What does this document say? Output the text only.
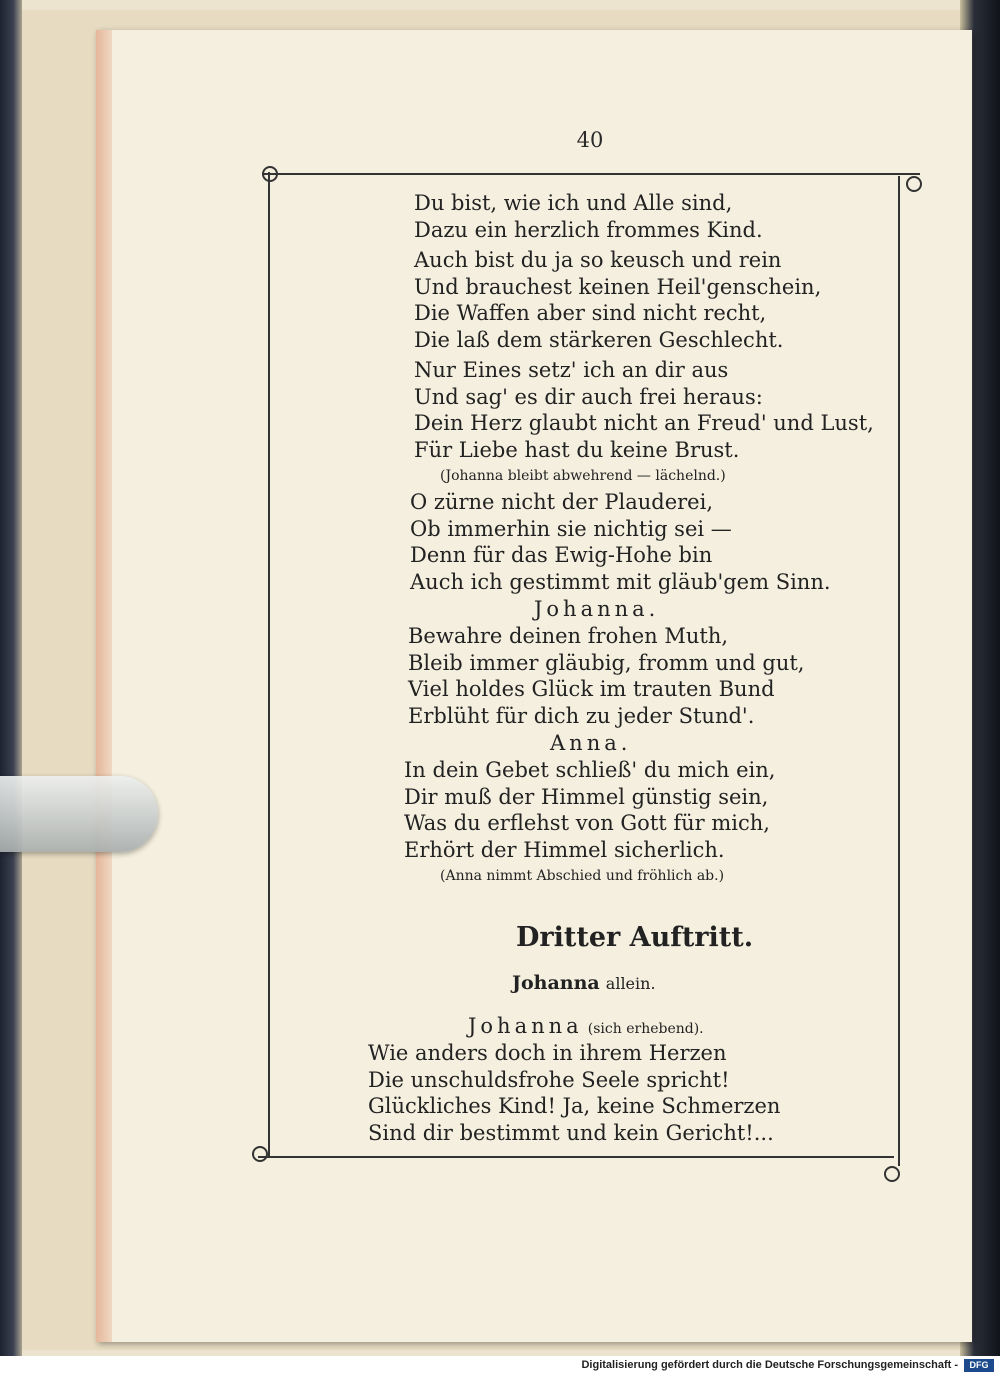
40
Du bist, wie ich und Alle sind,
Dazu ein herzlich frommes Kind.
Auch bist du ja so keusch und rein
Und brauchest keinen Heil'genschein,
Die Waffen aber sind nicht recht,
Die laß dem stärkeren Geschlecht.
Nur Eines setz' ich an dir aus
Und sag' es dir auch frei heraus:
Dein Herz glaubt nicht an Freud' und Lust,
Für Liebe hast du keine Brust.
(Johanna bleibt abwehrend — lächelnd.)
O zürne nicht der Plauderei,
Ob immerhin sie nichtig sei —
Denn für das Ewig-Hohe bin
Auch ich gestimmt mit gläub'gem Sinn.
Johanna.
Bewahre deinen frohen Muth,
Bleib immer gläubig, fromm und gut,
Viel holdes Glück im trauten Bund
Erblüht für dich zu jeder Stund'.
Anna.
In dein Gebet schließ' du mich ein,
Dir muß der Himmel günstig sein,
Was du erflehst von Gott für mich,
Erhört der Himmel sicherlich.
(Anna nimmt Abschied und fröhlich ab.)
Dritter Auftritt.
Johanna allein.
Johanna (sich erhebend).
Wie anders doch in ihrem Herzen
Die unschuldsfrohe Seele spricht!
Glückliches Kind! Ja, keine Schmerzen
Sind dir bestimmt und kein Gericht!...
Digitalisierung gefördert durch die Deutsche Forschungsgemeinschaft -	DFG
